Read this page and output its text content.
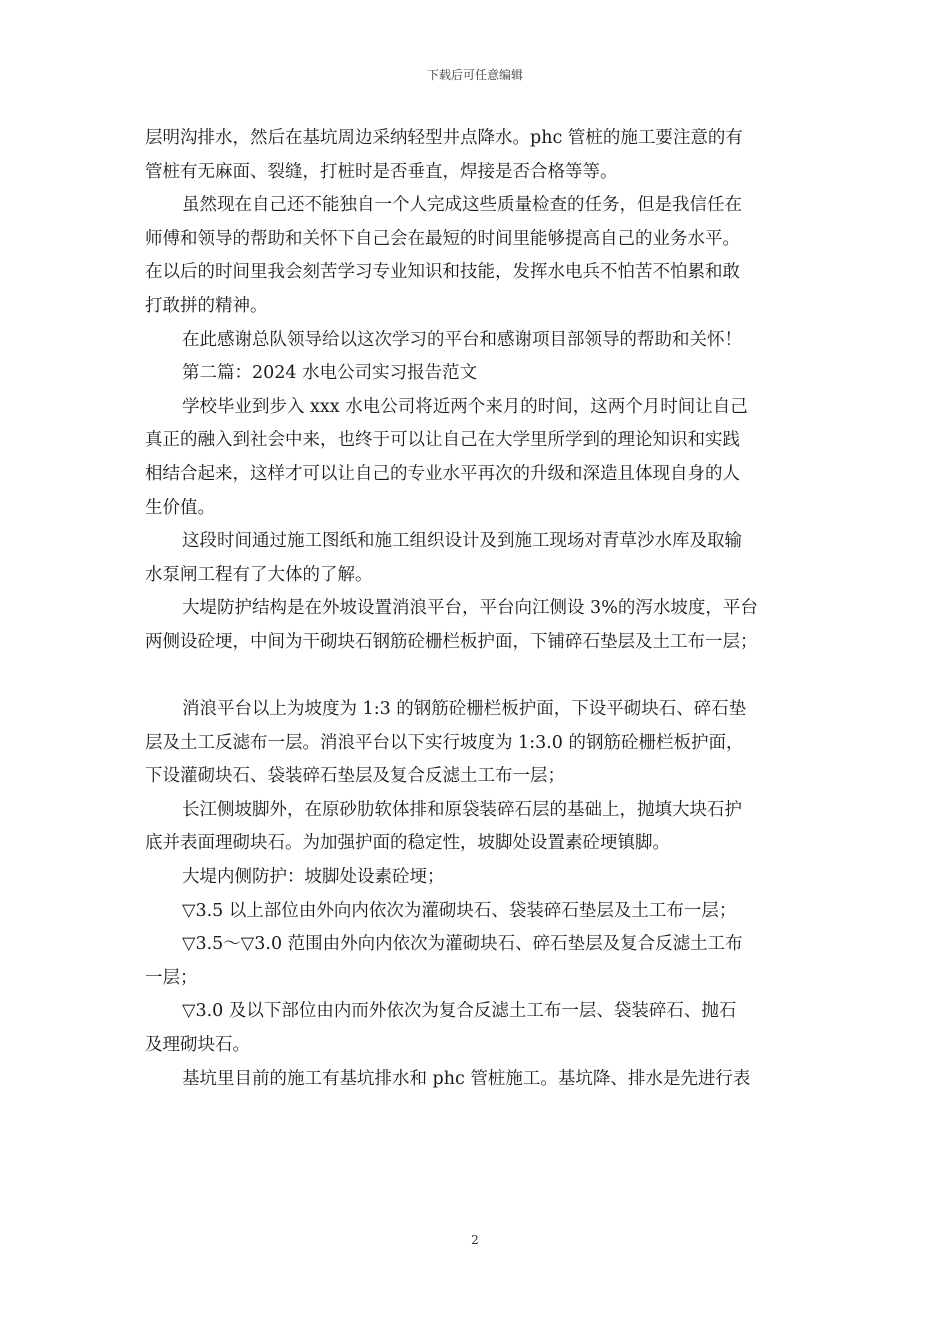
下载后可任意编辑
层明沟排水，然后在基坑周边采纳轻型井点降水。phc 管桩的施工要注意的有
管桩有无麻面、裂缝，打桩时是否垂直，焊接是否合格等等。
虽然现在自己还不能独自一个人完成这些质量检查的任务，但是我信任在
师傅和领导的帮助和关怀下自己会在最短的时间里能够提高自己的业务水平。
在以后的时间里我会刻苦学习专业知识和技能，发挥水电兵不怕苦不怕累和敢
打敢拼的精神。
在此感谢总队领导给以这次学习的平台和感谢项目部领导的帮助和关怀！
第二篇：2024 水电公司实习报告范文
学校毕业到步入 xxx 水电公司将近两个来月的时间，这两个月时间让自己
真正的融入到社会中来，也终于可以让自己在大学里所学到的理论知识和实践
相结合起来，这样才可以让自己的专业水平再次的升级和深造且体现自身的人
生价值。
这段时间通过施工图纸和施工组织设计及到施工现场对青草沙水库及取输
水泵闸工程有了大体的了解。
大堤防护结构是在外坡设置消浪平台，平台向江侧设 3%的泻水坡度，平台
两侧设砼埂，中间为干砌块石钢筋砼栅栏板护面，下铺碎石垫层及土工布一层；
消浪平台以上为坡度为 1:3 的钢筋砼栅栏板护面，下设平砌块石、碎石垫
层及土工反滤布一层。消浪平台以下实行坡度为 1:3.0 的钢筋砼栅栏板护面，
下设灌砌块石、袋装碎石垫层及复合反滤土工布一层；
长江侧坡脚外，在原砂肋软体排和原袋装碎石层的基础上，抛填大块石护
底并表面理砌块石。为加强护面的稳定性，坡脚处设置素砼埂镇脚。
大堤内侧防护：坡脚处设素砼埂；
▽3.5 以上部位由外向内依次为灌砌块石、袋装碎石垫层及土工布一层；
▽3.5～▽3.0 范围由外向内依次为灌砌块石、碎石垫层及复合反滤土工布
一层；
▽3.0 及以下部位由内而外依次为复合反滤土工布一层、袋装碎石、抛石
及理砌块石。
基坑里目前的施工有基坑排水和 phc 管桩施工。基坑降、排水是先进行表
2
